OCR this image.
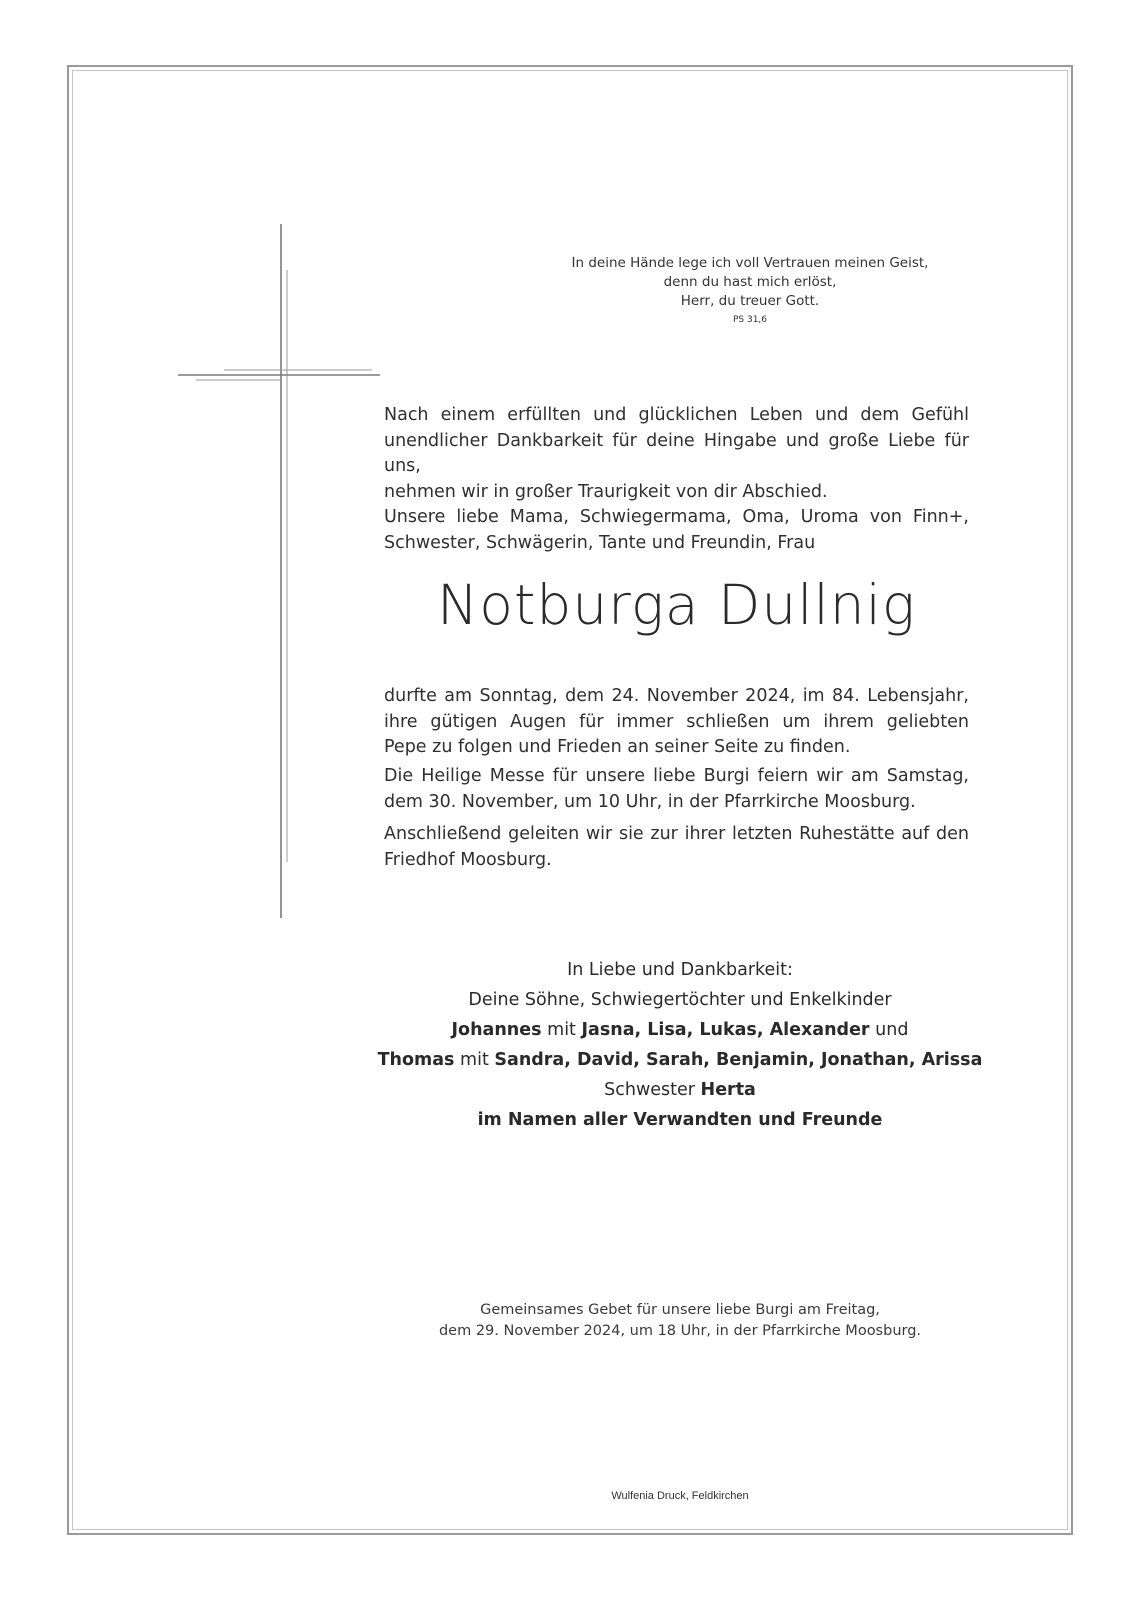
In deine Hände lege ich voll Vertrauen meinen Geist,
denn du hast mich erlöst,
Herr, du treuer Gott.
PS 31,6
Nach einem erfüllten und glücklichen Leben und dem Gefühl
unendlicher Dankbarkeit für deine Hingabe und große Liebe für uns,
nehmen wir in großer Traurigkeit von dir Abschied.
Unsere liebe Mama, Schwiegermama, Oma, Uroma von Finn+,
Schwester, Schwägerin, Tante und Freundin, Frau
Notburga Dullnig
durfte am Sonntag, dem 24. November 2024, im 84. Lebensjahr,
ihre gütigen Augen für immer schließen um ihrem geliebten
Pepe zu folgen und Frieden an seiner Seite zu finden.
Die Heilige Messe für unsere liebe Burgi feiern wir am Samstag,
dem 30. November, um 10 Uhr, in der Pfarrkirche Moosburg.
Anschließend geleiten wir sie zur ihrer letzten Ruhestätte auf den
Friedhof Moosburg.
In Liebe und Dankbarkeit:
Deine Söhne, Schwiegertöchter und Enkelkinder
Johannes mit Jasna, Lisa, Lukas, Alexander und
Thomas mit Sandra, David, Sarah, Benjamin, Jonathan, Arissa
Schwester Herta
im Namen aller Verwandten und Freunde
Gemeinsames Gebet für unsere liebe Burgi am Freitag,
dem 29. November 2024, um 18 Uhr, in der Pfarrkirche Moosburg.
Wulfenia Druck, Feldkirchen
